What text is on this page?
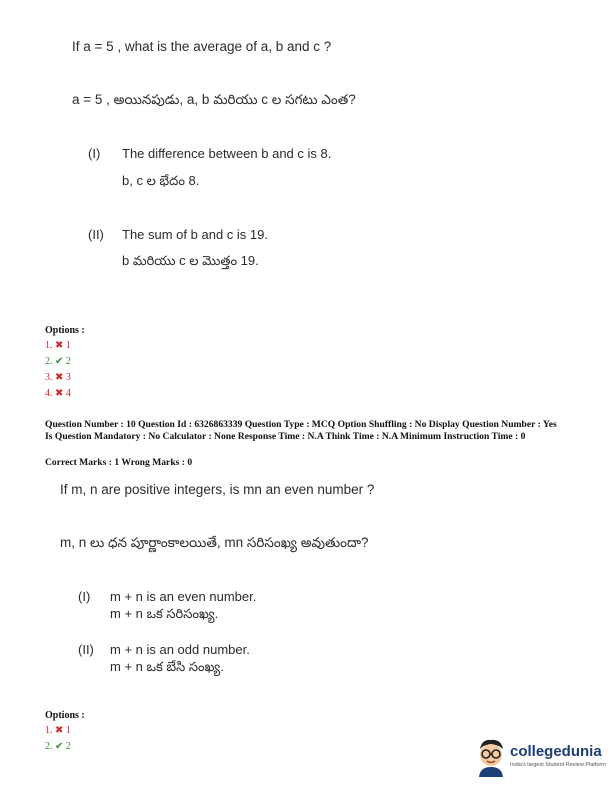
If a = 5 , what is the average of a, b and c ?
a = 5 , అయినపుడు, a, b మరియు c ల సగటు ఎంత?
(I) The difference between b and c is 8.
b, c ల భేదం 8.
(II) The sum of b and c is 19.
b మరియు c ల మొత్తం 19.
Options :
1. ✖ 1
2. ✔ 2
3. ✖ 3
4. ✖ 4
Question Number : 10 Question Id : 6326863339 Question Type : MCQ Option Shuffling : No Display Question Number : Yes Is Question Mandatory : No Calculator : None Response Time : N.A Think Time : N.A Minimum Instruction Time : 0
Correct Marks : 1 Wrong Marks : 0
If m, n are positive integers, is mn an even number ?
m, n లు ధన పూర్ణాంకాలయితే, mn సరిసంఖ్య అవుతుందా?
(I) m + n is an even number.
m + n ఒక సరిసంఖ్య.
(II) m + n is an odd number.
m + n ఒక బేసి సంఖ్య.
Options :
1. ✖ 1
2. ✔ 2	collegedunia
India's largest Student Review Platform
